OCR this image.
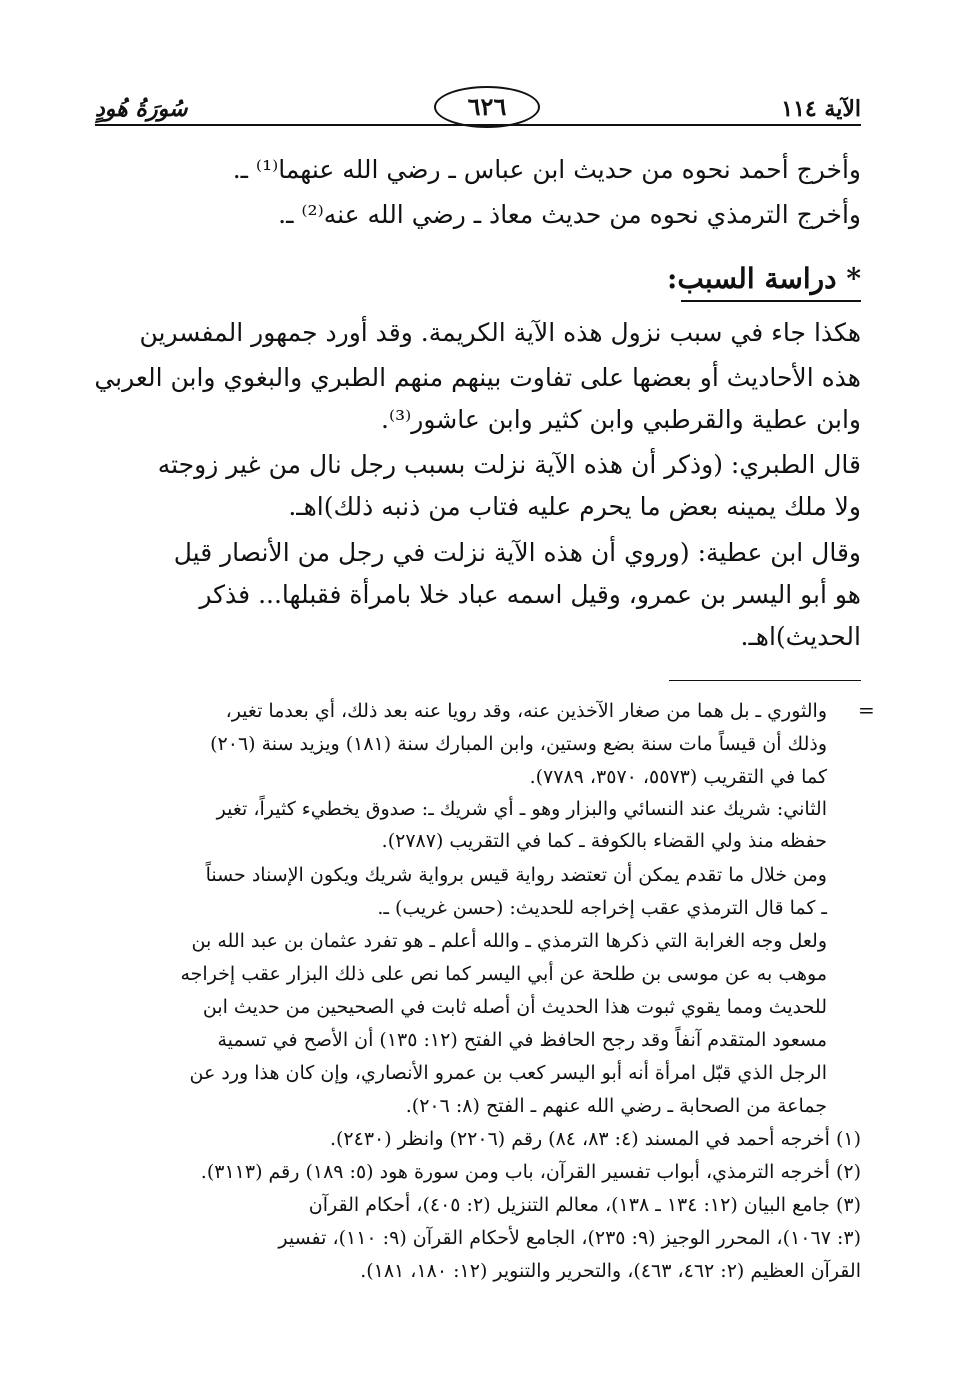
سُورَةُ هُودٍ	٦٢٦	الآية ١١٤
وأخرج أحمد نحوه من حديث ابن عباس ـ رضي الله عنهما⁽¹⁾ ـ.
وأخرج الترمذي نحوه من حديث معاذ ـ رضي الله عنه⁽²⁾ ـ.
* دراسة السبب:
هكذا جاء في سبب نزول هذه الآية الكريمة. وقد أورد جمهور المفسرين
هذه الأحاديث أو بعضها على تفاوت بينهم منهم الطبري والبغوي وابن العربي
وابن عطية والقرطبي وابن كثير وابن عاشور⁽³⁾.
قال الطبري: (وذكر أن هذه الآية نزلت بسبب رجل نال من غير زوجته
ولا ملك يمينه بعض ما يحرم عليه فتاب من ذنبه ذلك)اهـ.
وقال ابن عطية: (وروي أن هذه الآية نزلت في رجل من الأنصار قيل
هو أبو اليسر بن عمرو، وقيل اسمه عباد خلا بامرأة فقبلها... فذكر
الحديث)اهـ.
=
والثوري ـ بل هما من صغار الآخذين عنه، وقد رويا عنه بعد ذلك، أي بعدما تغير،
وذلك أن قيساً مات سنة بضع وستين، وابن المبارك سنة (١٨١) ويزيد سنة (٢٠٦)
كما في التقريب (٥٥٧٣، ٣٥٧٠، ٧٧٨٩).
الثاني: شريك عند النسائي والبزار وهو ـ أي شريك ـ: صدوق يخطيء كثيراً، تغير
حفظه منذ ولي القضاء بالكوفة ـ كما في التقريب (٢٧٨٧).
ومن خلال ما تقدم يمكن أن تعتضد رواية قيس برواية شريك ويكون الإسناد حسناً
ـ كما قال الترمذي عقب إخراجه للحديث: (حسن غريب) ـ.
ولعل وجه الغرابة التي ذكرها الترمذي ـ والله أعلم ـ هو تفرد عثمان بن عبد الله بن
موهب به عن موسى بن طلحة عن أبي اليسر كما نص على ذلك البزار عقب إخراجه
للحديث ومما يقوي ثبوت هذا الحديث أن أصله ثابت في الصحيحين من حديث ابن
مسعود المتقدم آنفاً وقد رجح الحافظ في الفتح (١٢: ١٣٥) أن الأصح في تسمية
الرجل الذي قبّل امرأة أنه أبو اليسر كعب بن عمرو الأنصاري، وإن كان هذا ورد عن
جماعة من الصحابة ـ رضي الله عنهم ـ الفتح (٨: ٢٠٦).
(١) أخرجه أحمد في المسند (٤: ٨٣، ٨٤) رقم (٢٢٠٦) وانظر (٢٤٣٠).
(٢) أخرجه الترمذي، أبواب تفسير القرآن، باب ومن سورة هود (٥: ١٨٩) رقم (٣١١٣).
(٣) جامع البيان (١٢: ١٣٤ ـ ١٣٨)، معالم التنزيل (٢: ٤٠٥)، أحكام القرآن
(٣: ١٠٦٧)، المحرر الوجيز (٩: ٢٣٥)، الجامع لأحكام القرآن (٩: ١١٠)، تفسير
القرآن العظيم (٢: ٤٦٢، ٤٦٣)، والتحرير والتنوير (١٢: ١٨٠، ١٨١).
